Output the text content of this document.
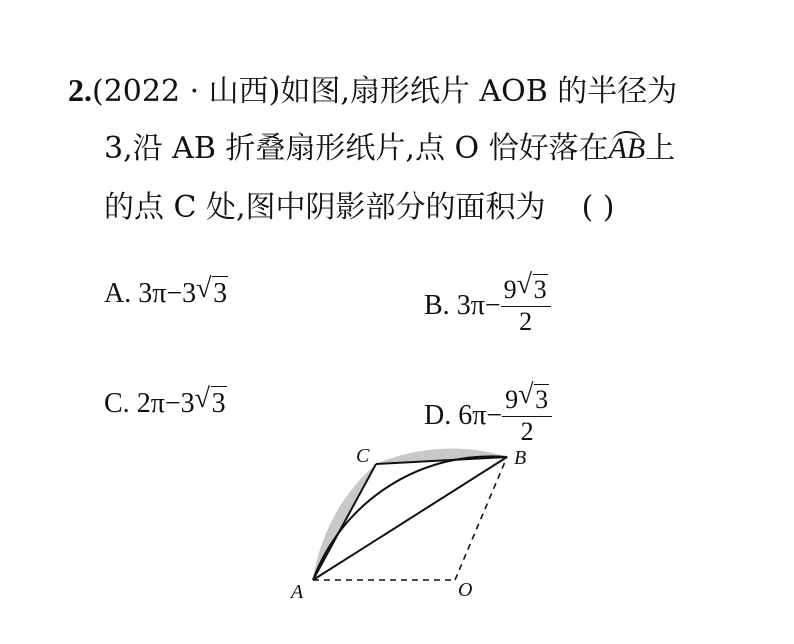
2.(2022 · 山西)如图,扇形纸片 AOB 的半径为
3,沿 AB 折叠扇形纸片,点 O 恰好落在AB上
的点 C 处,图中阴影部分的面积为 ( )
A. 3π−3 √ 3	B. $3\pi- \frac{9 √ 3}{2}$
C. 2π−3 √ 3	D. $6\pi- \frac{9 √ 3}{2}$
A	O
B
C
